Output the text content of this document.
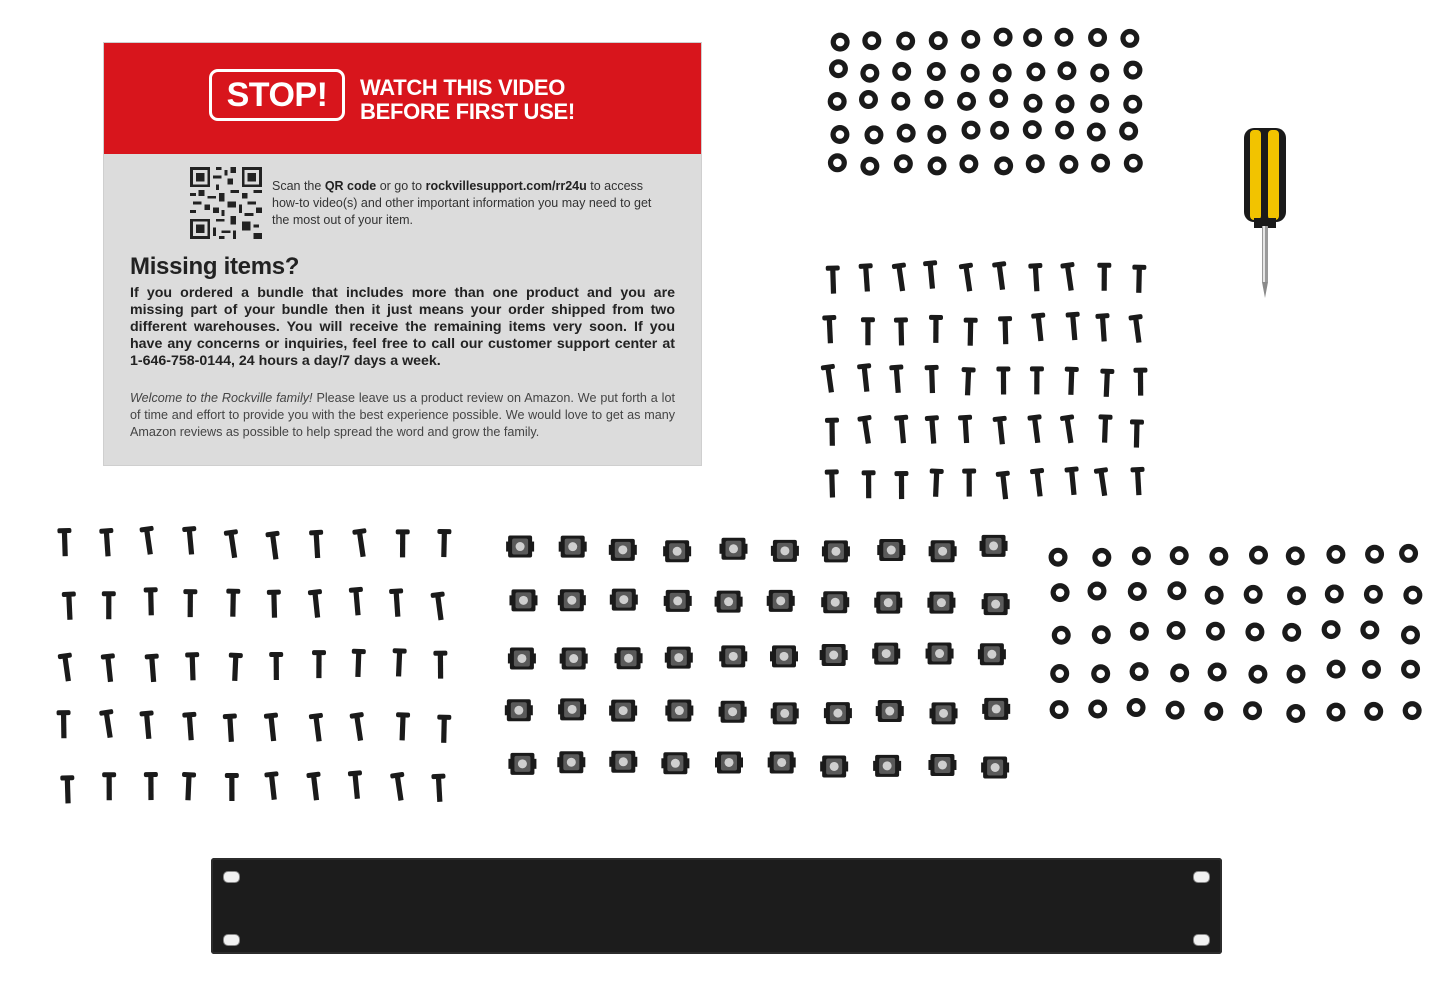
STOP!	WATCH THIS VIDEO
BEFORE FIRST USE!
Scan the QR code or go to rockvillesupport.com/rr24u to access how-to video(s) and other important information you may need to get the most out of your item.
Missing items?
If you ordered a bundle that includes more than one product and you are missing part of your bundle then it just means your order shipped from two different warehouses. You will receive the remaining items very soon. If you have any concerns or inquiries, feel free to call our customer support center at 1-646-758-0144, 24 hours a day/7 days a week.
Welcome to the Rockville family! Please leave us a product review on Amazon. We put forth a lot of time and effort to provide you with the best experience possible. We would love to get as many Amazon reviews as possible to help spread the word and grow the family.
